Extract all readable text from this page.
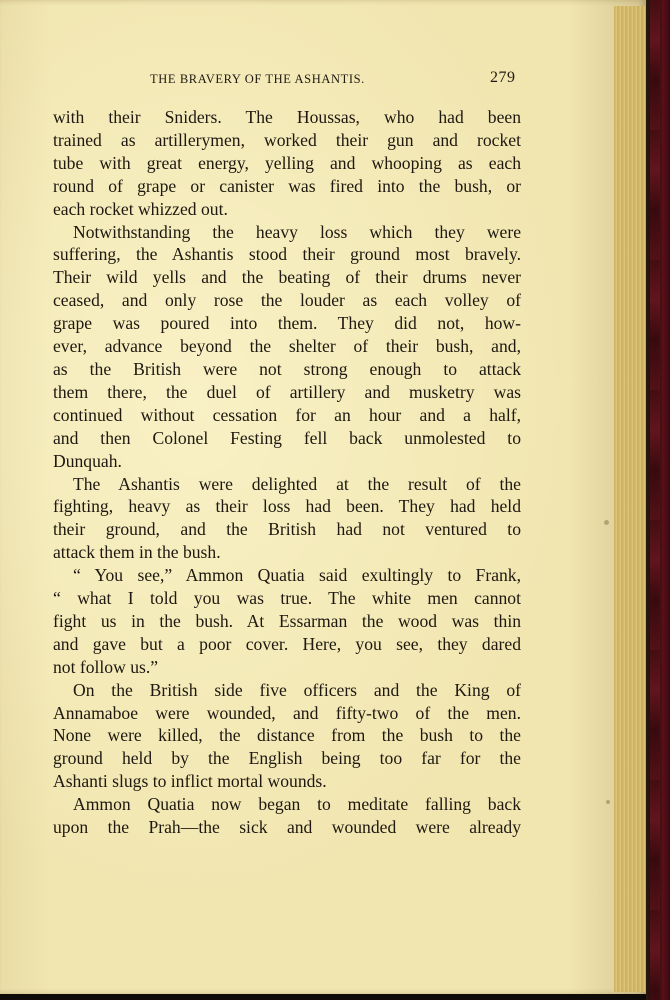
THE BRAVERY OF THE ASHANTIS.	279

with their Sniders. The Houssas, who had been
trained as artillerymen, worked their gun and rocket
tube with great energy, yelling and whooping as each
round of grape or canister was fired into the bush, or
each rocket whizzed out.

Notwithstanding the heavy loss which they were
suffering, the Ashantis stood their ground most bravely.
Their wild yells and the beating of their drums never
ceased, and only rose the louder as each volley of
grape was poured into them. They did not, how-
ever, advance beyond the shelter of their bush, and,
as the British were not strong enough to attack
them there, the duel of artillery and musketry was
continued without cessation for an hour and a half,
and then Colonel Festing fell back unmolested to
Dunquah.

The Ashantis were delighted at the result of the
fighting, heavy as their loss had been. They had held
their ground, and the British had not ventured to
attack them in the bush.

“ You see,” Ammon Quatia said exultingly to Frank,
“ what I told you was true. The white men cannot
fight us in the bush. At Essarman the wood was thin
and gave but a poor cover. Here, you see, they dared
not follow us.”

On the British side five officers and the King of
Annamaboe were wounded, and fifty-two of the men.
None were killed, the distance from the bush to the
ground held by the English being too far for the
Ashanti slugs to inflict mortal wounds.

Ammon Quatia now began to meditate falling back
upon the Prah—the sick and wounded were already
